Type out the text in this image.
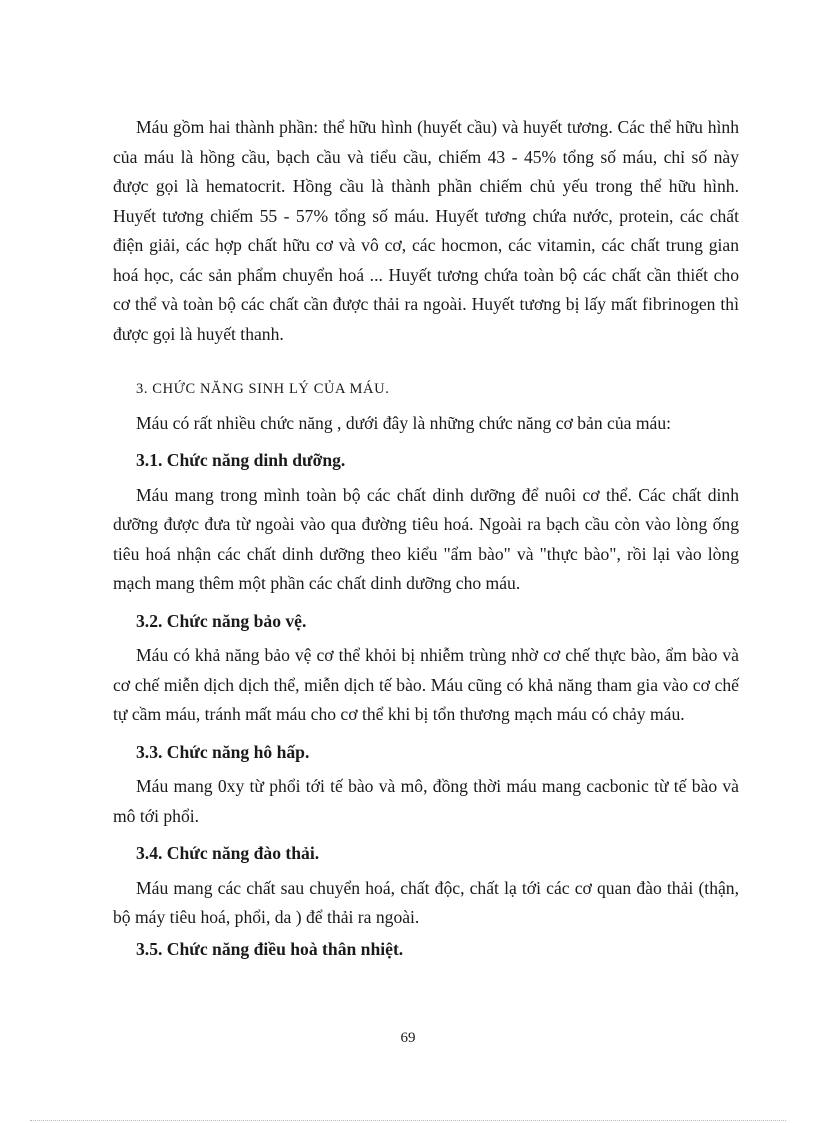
Máu gồm hai thành phần: thể hữu hình (huyết cầu) và huyết tương. Các thể hữu hình của máu là hồng cầu, bạch cầu và tiểu cầu, chiếm 43 - 45% tổng số máu, chỉ số này được gọi là hematocrit. Hồng cầu là thành phần chiếm chủ yếu trong thể hữu hình. Huyết tương chiếm 55 - 57% tổng số máu. Huyết tương chứa nước, protein, các chất điện giải, các hợp chất hữu cơ và vô cơ, các hocmon, các vitamin, các chất trung gian hoá học, các sản phẩm chuyển hoá ... Huyết tương chứa toàn bộ các chất cần thiết cho cơ thể và toàn bộ các chất cần được thải ra ngoài. Huyết tương bị lấy mất fibrinogen thì được gọi là huyết thanh.

3. CHỨC NĂNG SINH LÝ CỦA MÁU.

Máu có rất nhiều chức năng , dưới đây là những chức năng cơ bản của máu:

3.1. Chức năng dinh dưỡng.

Máu mang trong mình toàn bộ các chất dinh dưỡng để nuôi cơ thể. Các chất dinh dưỡng được đưa từ ngoài vào qua đường tiêu hoá. Ngoài ra bạch cầu còn vào lòng ống tiêu hoá nhận các chất dinh dưỡng theo kiểu "ẩm bào" và "thực bào", rồi lại vào lòng mạch mang thêm một phần các chất dinh dưỡng cho máu.

3.2. Chức năng bảo vệ.

Máu có khả năng bảo vệ cơ thể khỏi bị nhiễm trùng nhờ cơ chế thực bào, ẩm bào và cơ chế miễn dịch dịch thể, miễn dịch tế bào. Máu cũng có khả năng tham gia vào cơ chế tự cầm máu, tránh mất máu cho cơ thể khi bị tổn thương mạch máu có chảy máu.

3.3. Chức năng hô hấp.

Máu mang 0xy từ phổi tới tế bào và mô, đồng thời máu mang cacbonic từ tế bào và mô tới phổi.

3.4. Chức năng đào thải.

Máu mang các chất sau chuyển hoá, chất độc, chất lạ tới các cơ quan đào thải (thận, bộ máy tiêu hoá, phổi, da ) để thải ra ngoài.

3.5. Chức năng điều hoà thân nhiệt.

69
